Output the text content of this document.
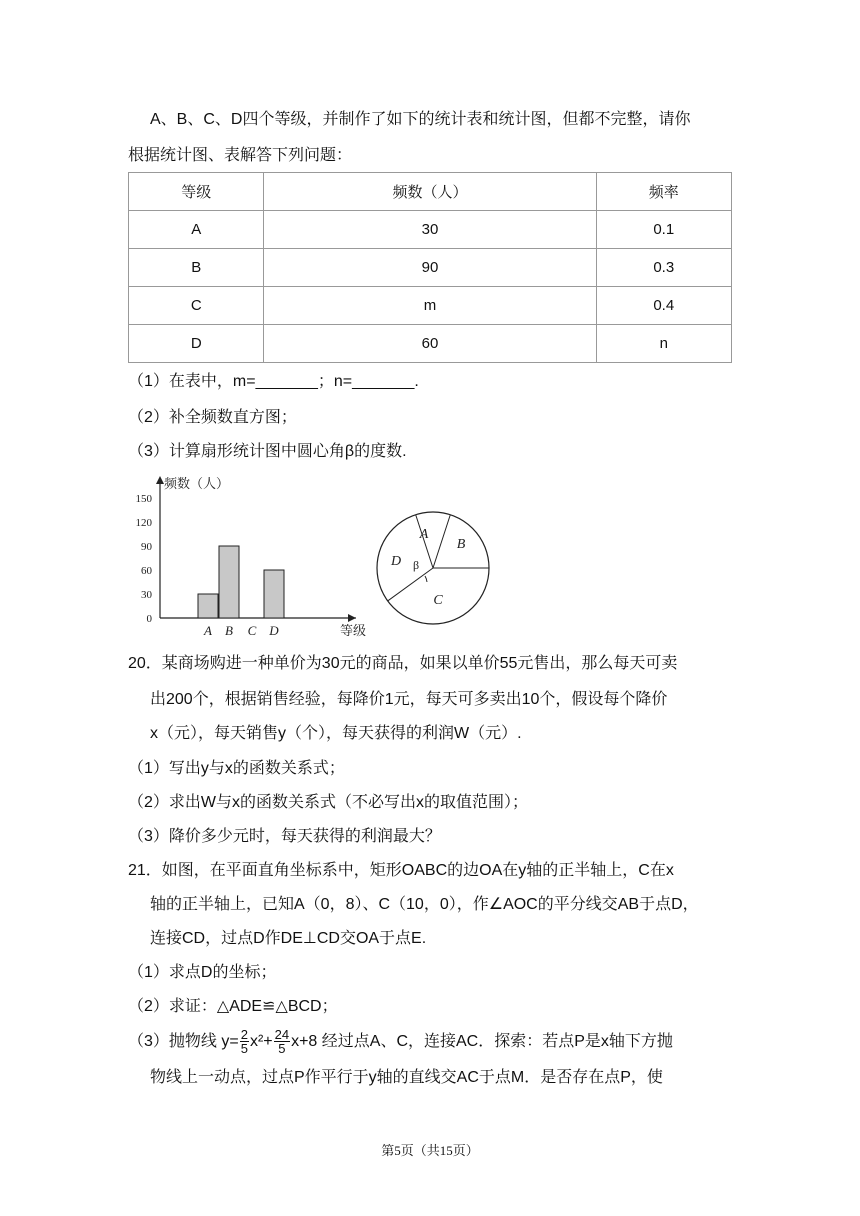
A、B、C、D四个等级，并制作了如下的统计表和统计图，但都不完整，请你
根据统计图、表解答下列问题：
等级	频数（人）	频率
A	30	0.1
B	90	0.3
C	m	0.4
D	60	n
（1）在表中，m=_______；n=_______.
（2）补全频数直方图；
（3）计算扇形统计图中圆心角β的度数.
频数（人）
等级
0
30
60
90
120
150
A B C D
A
B
C
D β
20．某商场购进一种单价为30元的商品，如果以单价55元售出，那么每天可卖
出200个，根据销售经验，每降价1元，每天可多卖出10个，假设每个降价
x（元），每天销售y（个），每天获得的利润W（元）.
（1）写出y与x的函数关系式；
（2）求出W与x的函数关系式（不必写出x的取值范围）；
（3）降价多少元时，每天获得的利润最大？
21．如图，在平面直角坐标系中，矩形OABC的边OA在y轴的正半轴上，C在x
轴的正半轴上，已知A（0，8）、C（10，0），作∠AOC的平分线交AB于点D，
连接CD，过点D作DE⊥CD交OA于点E.
（1）求点D的坐标；
（2）求证：△ADE≌△BCD；
（3）抛物线 $y= \frac{2}{5} x^2+ \frac{24}{5} x+8$ 经过点A、C，连接AC．探索：若点P是x轴下方抛
物线上一动点，过点P作平行于y轴的直线交AC于点M．是否存在点P，使
第5页（共15页）
